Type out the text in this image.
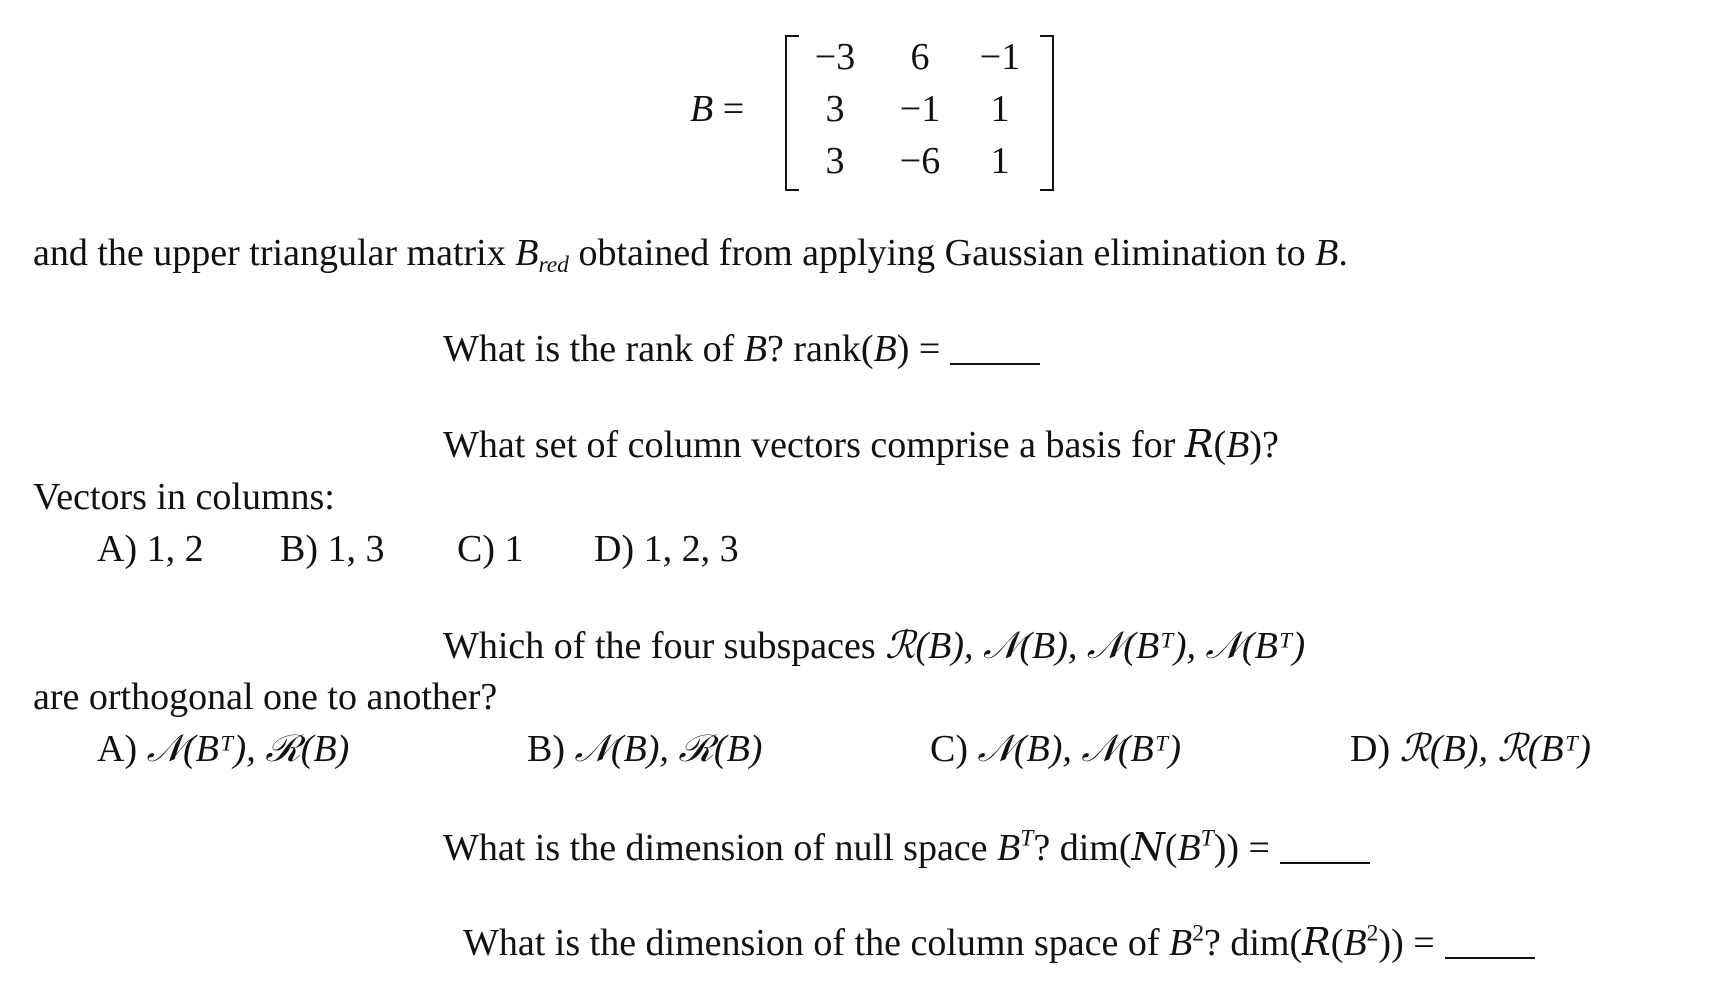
B =
−3	6	−1
3	−1	1
3	−6	1
and the upper triangular matrix $B_{red}$ obtained from applying Gaussian elimination to B.
What is the rank of B? rank(B) =
What set of column vectors comprise a basis for R(B)?
Vectors in columns:
A) 1, 2 B) 1, 3 C) 1 D) 1, 2, 3
Which of the four subspaces ℛ(B), 𝒩(B), 𝒩(Bᵀ), 𝒩(Bᵀ)
are orthogonal one to another?
A) 𝒩(Bᵀ), ℛ(B)	B) 𝒩(B), ℛ(B)	C) 𝒩(B), 𝒩(Bᵀ)	D) ℛ(B), ℛ(Bᵀ)
What is the dimension of null space $B^T$? $dim(N(B^T))$ =
What is the dimension of the column space of $B^2$? $dim(R(B^2))$ =
